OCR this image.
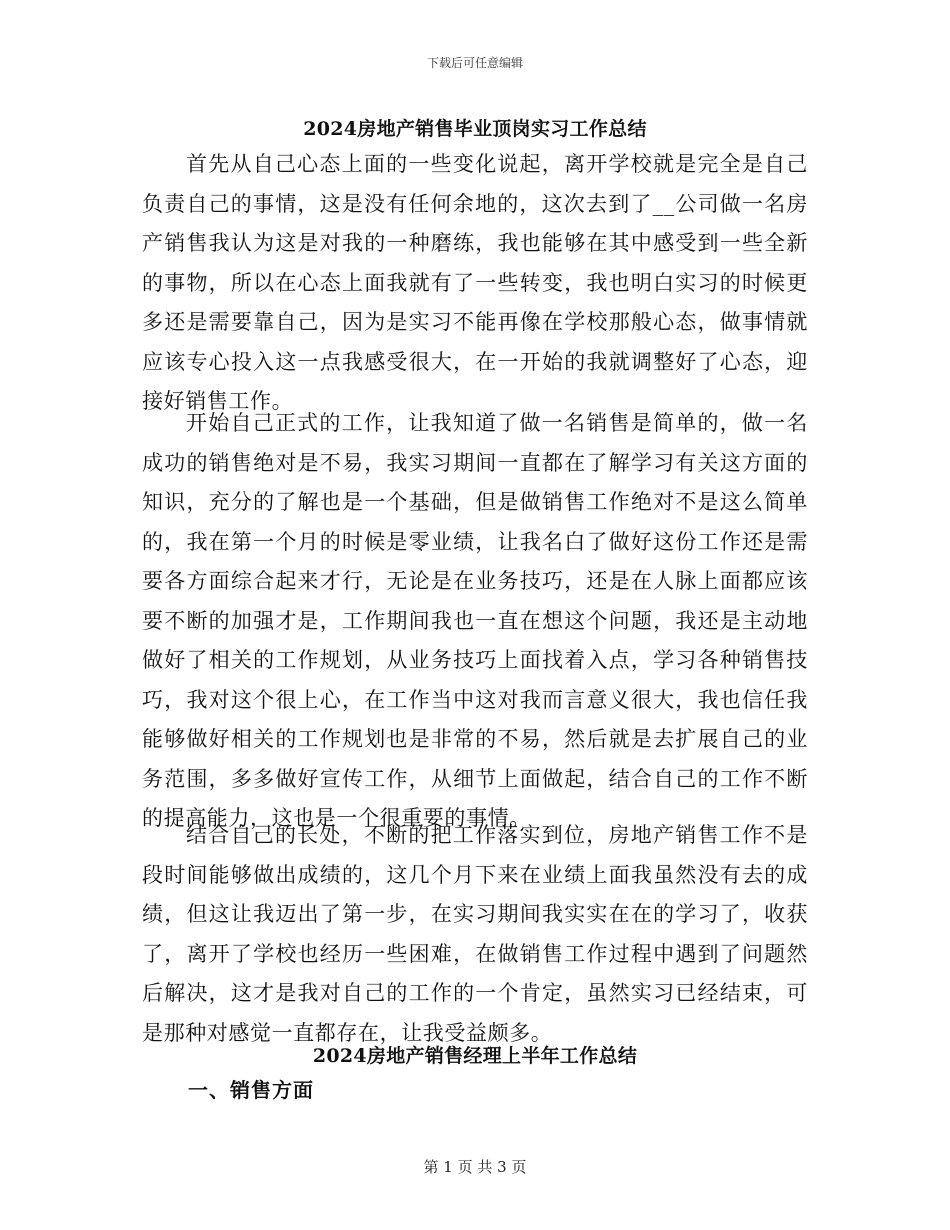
下载后可任意编辑
2024房地产销售毕业顶岗实习工作总结

首先从自己心态上面的一些变化说起，离开学校就是完全是自己负责自己的事情，这是没有任何余地的，这次去到了__公司做一名房产销售我认为这是对我的一种磨练，我也能够在其中感受到一些全新的事物，所以在心态上面我就有了一些转变，我也明白实习的时候更多还是需要靠自己，因为是实习不能再像在学校那般心态，做事情就应该专心投入这一点我感受很大，在一开始的我就调整好了心态，迎接好销售工作。

开始自己正式的工作，让我知道了做一名销售是简单的，做一名成功的销售绝对是不易，我实习期间一直都在了解学习有关这方面的知识，充分的了解也是一个基础，但是做销售工作绝对不是这么简单的，我在第一个月的时候是零业绩，让我名白了做好这份工作还是需要各方面综合起来才行，无论是在业务技巧，还是在人脉上面都应该要不断的加强才是，工作期间我也一直在想这个问题，我还是主动地做好了相关的工作规划，从业务技巧上面找着入点，学习各种销售技巧，我对这个很上心，在工作当中这对我而言意义很大，我也信任我能够做好相关的工作规划也是非常的不易，然后就是去扩展自己的业务范围，多多做好宣传工作，从细节上面做起，结合自己的工作不断的提高能力，这也是一个很重要的事情。

结合自己的长处，不断的把工作落实到位，房地产销售工作不是段时间能够做出成绩的，这几个月下来在业绩上面我虽然没有去的成绩，但这让我迈出了第一步，在实习期间我实实在在的学习了，收获了，离开了学校也经历一些困难，在做销售工作过程中遇到了问题然后解决，这才是我对自己的工作的一个肯定，虽然实习已经结束，可是那种对感觉一直都存在，让我受益颇多。

2024房地产销售经理上半年工作总结
一、销售方面
第 1 页 共 3 页
